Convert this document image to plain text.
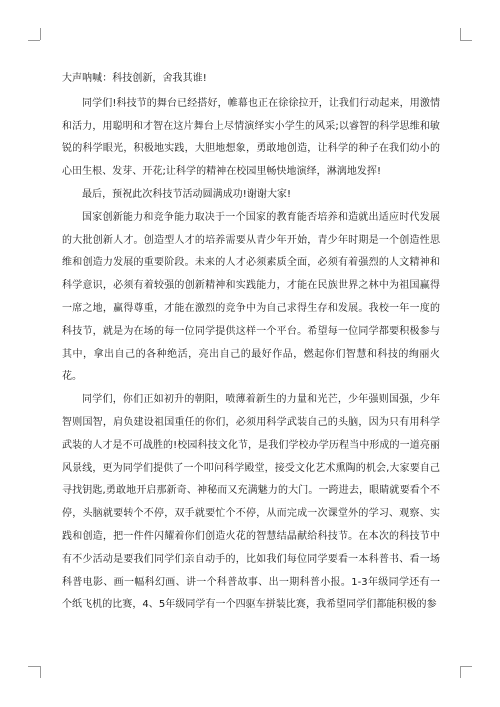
大声呐喊：科技创新，舍我其谁!

同学们!科技节的舞台已经搭好，帷幕也正在徐徐拉开，让我们行动起来，用激情和活力，用聪明和才智在这片舞台上尽情演绎实小学生的风采;以睿智的科学思维和敏锐的科学眼光，积极地实践，大胆地想象，勇敢地创造，让科学的种子在我们幼小的心田生根、发芽、开花;让科学的精神在校园里畅快地演绎，淋漓地发挥!

最后，预祝此次科技节活动圆满成功!谢谢大家!

国家创新能力和竞争能力取决于一个国家的教育能否培养和造就出适应时代发展的大批创新人才。创造型人才的培养需要从青少年开始，青少年时期是一个创造性思维和创造力发展的重要阶段。未来的人才必须素质全面，必须有着强烈的人文精神和科学意识，必须有着较强的创新精神和实践能力，才能在民族世界之林中为祖国赢得一席之地，赢得尊重，才能在激烈的竞争中为自己求得生存和发展。我校一年一度的科技节，就是为在场的每一位同学提供这样一个平台。希望每一位同学都要积极参与其中，拿出自己的各种绝活，亮出自己的最好作品，燃起你们智慧和科技的绚丽火花。

同学们，你们正如初升的朝阳，喷薄着新生的力量和光芒，少年强则国强，少年智则国智，肩负建设祖国重任的你们，必须用科学武装自己的头脑，因为只有用科学武装的人才是不可战胜的!校园科技文化节，是我们学校办学历程当中形成的一道亮丽风景线，更为同学们提供了一个叩问科学殿堂，接受文化艺术熏陶的机会,大家要自己寻找钥匙,勇敢地开启那新奇、神秘而又充满魅力的大门。一跨进去，眼睛就要看个不停，头脑就要转个不停，双手就要忙个不停，从而完成一次课堂外的学习、观察、实践和创造，把一件件闪耀着你们创造火花的智慧结晶献给科技节。在本次的科技节中有不少活动是要我们同学们亲自动手的，比如我们每位同学要看一本科普书、看一场科普电影、画一幅科幻画、讲一个科普故事、出一期科普小报。1-3年级同学还有一个纸飞机的比赛，4、5年级同学有一个四驱车拼装比赛，我希望同学们都能积极的参
